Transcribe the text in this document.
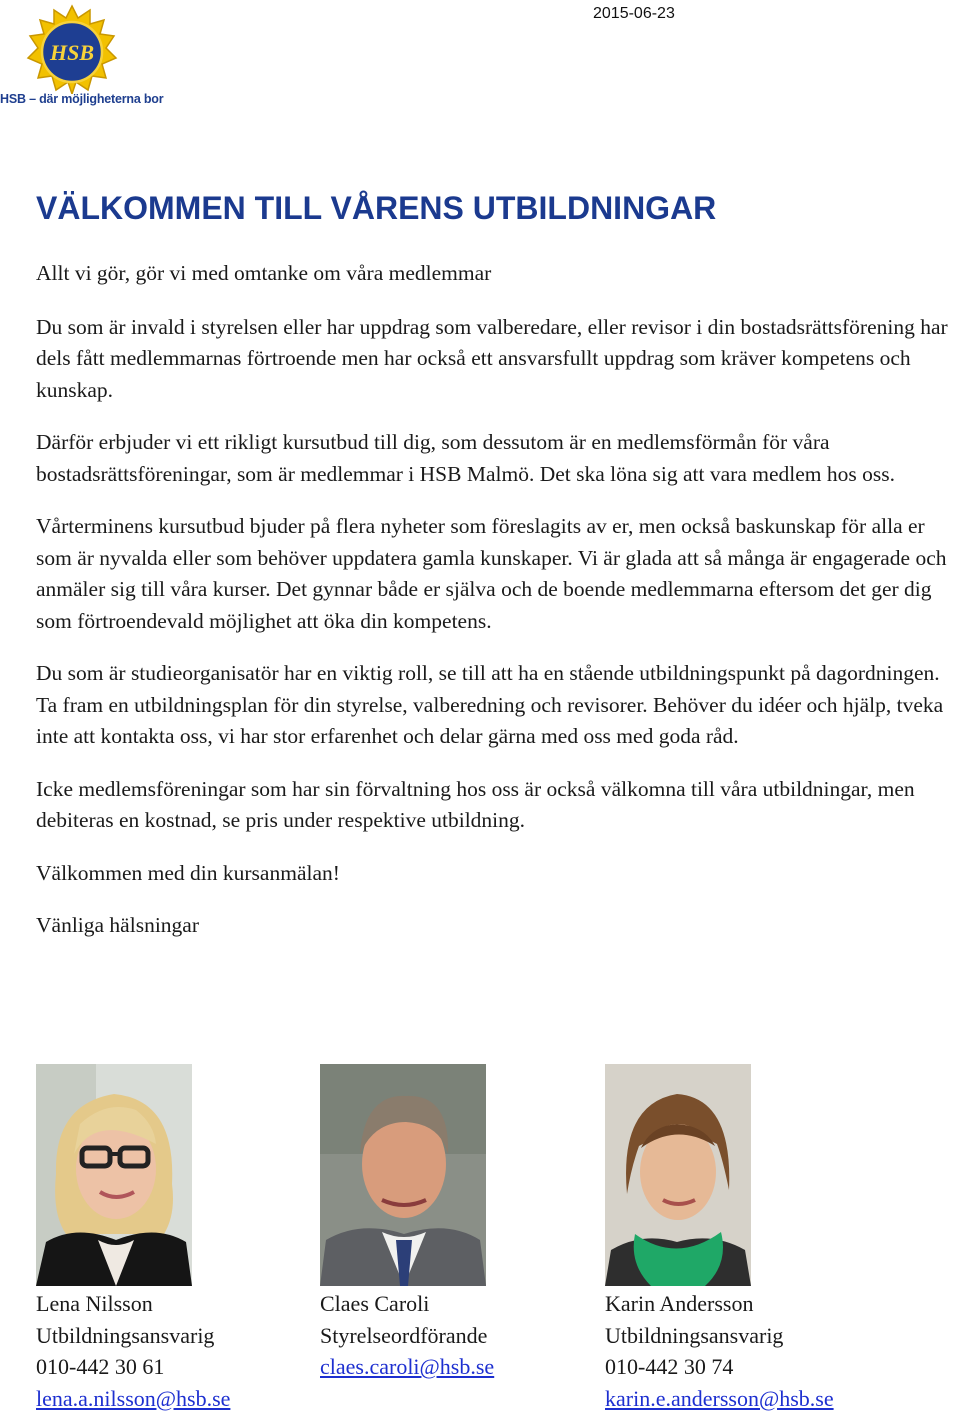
HSB
HSB – där möjligheterna bor
2015-06-23
VÄLKOMMEN TILL VÅRENS UTBILDNINGAR

Allt vi gör, gör vi med omtanke om våra medlemmar

Du som är invald i styrelsen eller har uppdrag som valberedare, eller revisor i din bostadsrättsförening har dels fått medlemmarnas förtroende men har också ett ansvarsfullt uppdrag som kräver kompetens och kunskap.

Därför erbjuder vi ett rikligt kursutbud till dig, som dessutom är en medlemsförmån för våra bostadsrättsföreningar, som är medlemmar i HSB Malmö. Det ska löna sig att vara medlem hos oss.

Vårterminens kursutbud bjuder på flera nyheter som föreslagits av er, men också baskunskap för alla er som är nyvalda eller som behöver uppdatera gamla kunskaper. Vi är glada att så många är engagerade och anmäler sig till våra kurser. Det gynnar både er själva och de boende medlemmarna eftersom det ger dig som förtroendevald möjlighet att öka din kompetens.

Du som är studieorganisatör har en viktig roll, se till att ha en stående utbildningspunkt på dagordningen. Ta fram en utbildningsplan för din styrelse, valberedning och revisorer. Behöver du idéer och hjälp, tveka inte att kontakta oss, vi har stor erfarenhet och delar gärna med oss med goda råd.

Icke medlemsföreningar som har sin förvaltning hos oss är också välkomna till våra utbildningar, men debiteras en kostnad, se pris under respektive utbildning.

Välkommen med din kursanmälan!

Vänliga hälsningar

Lena Nilsson
Utbildningsansvarig
010-442 30 61
lena.a.nilsson@hsb.se
Claes Caroli
Styrelseordförande
claes.caroli@hsb.se
Karin Andersson
Utbildningsansvarig
010-442 30 74
karin.e.andersson@hsb.se
